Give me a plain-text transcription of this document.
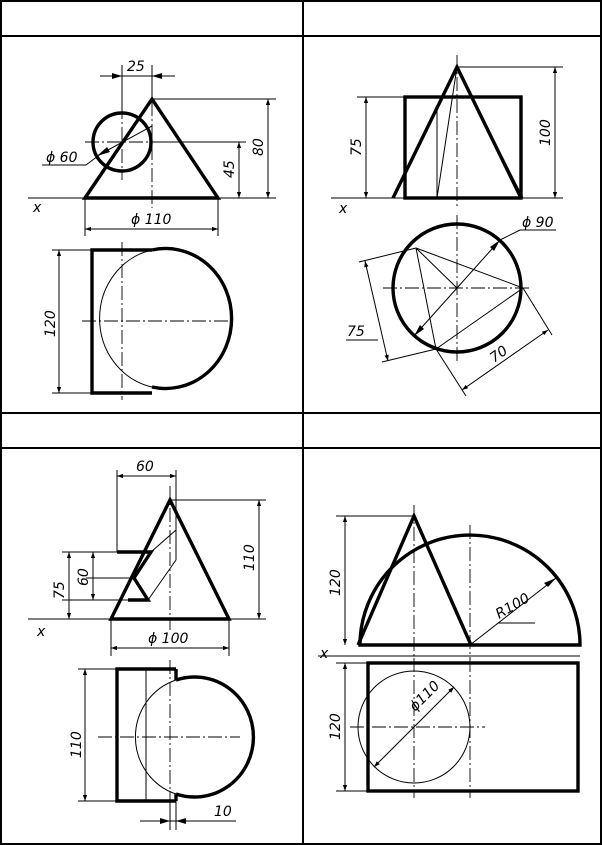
x
25
80
45
ϕ 60
ϕ 110
120
x
75
100
ϕ 90
75
70
x
60
110
75
60
ϕ 100
110
10
x
R100
120
ϕ110
120
